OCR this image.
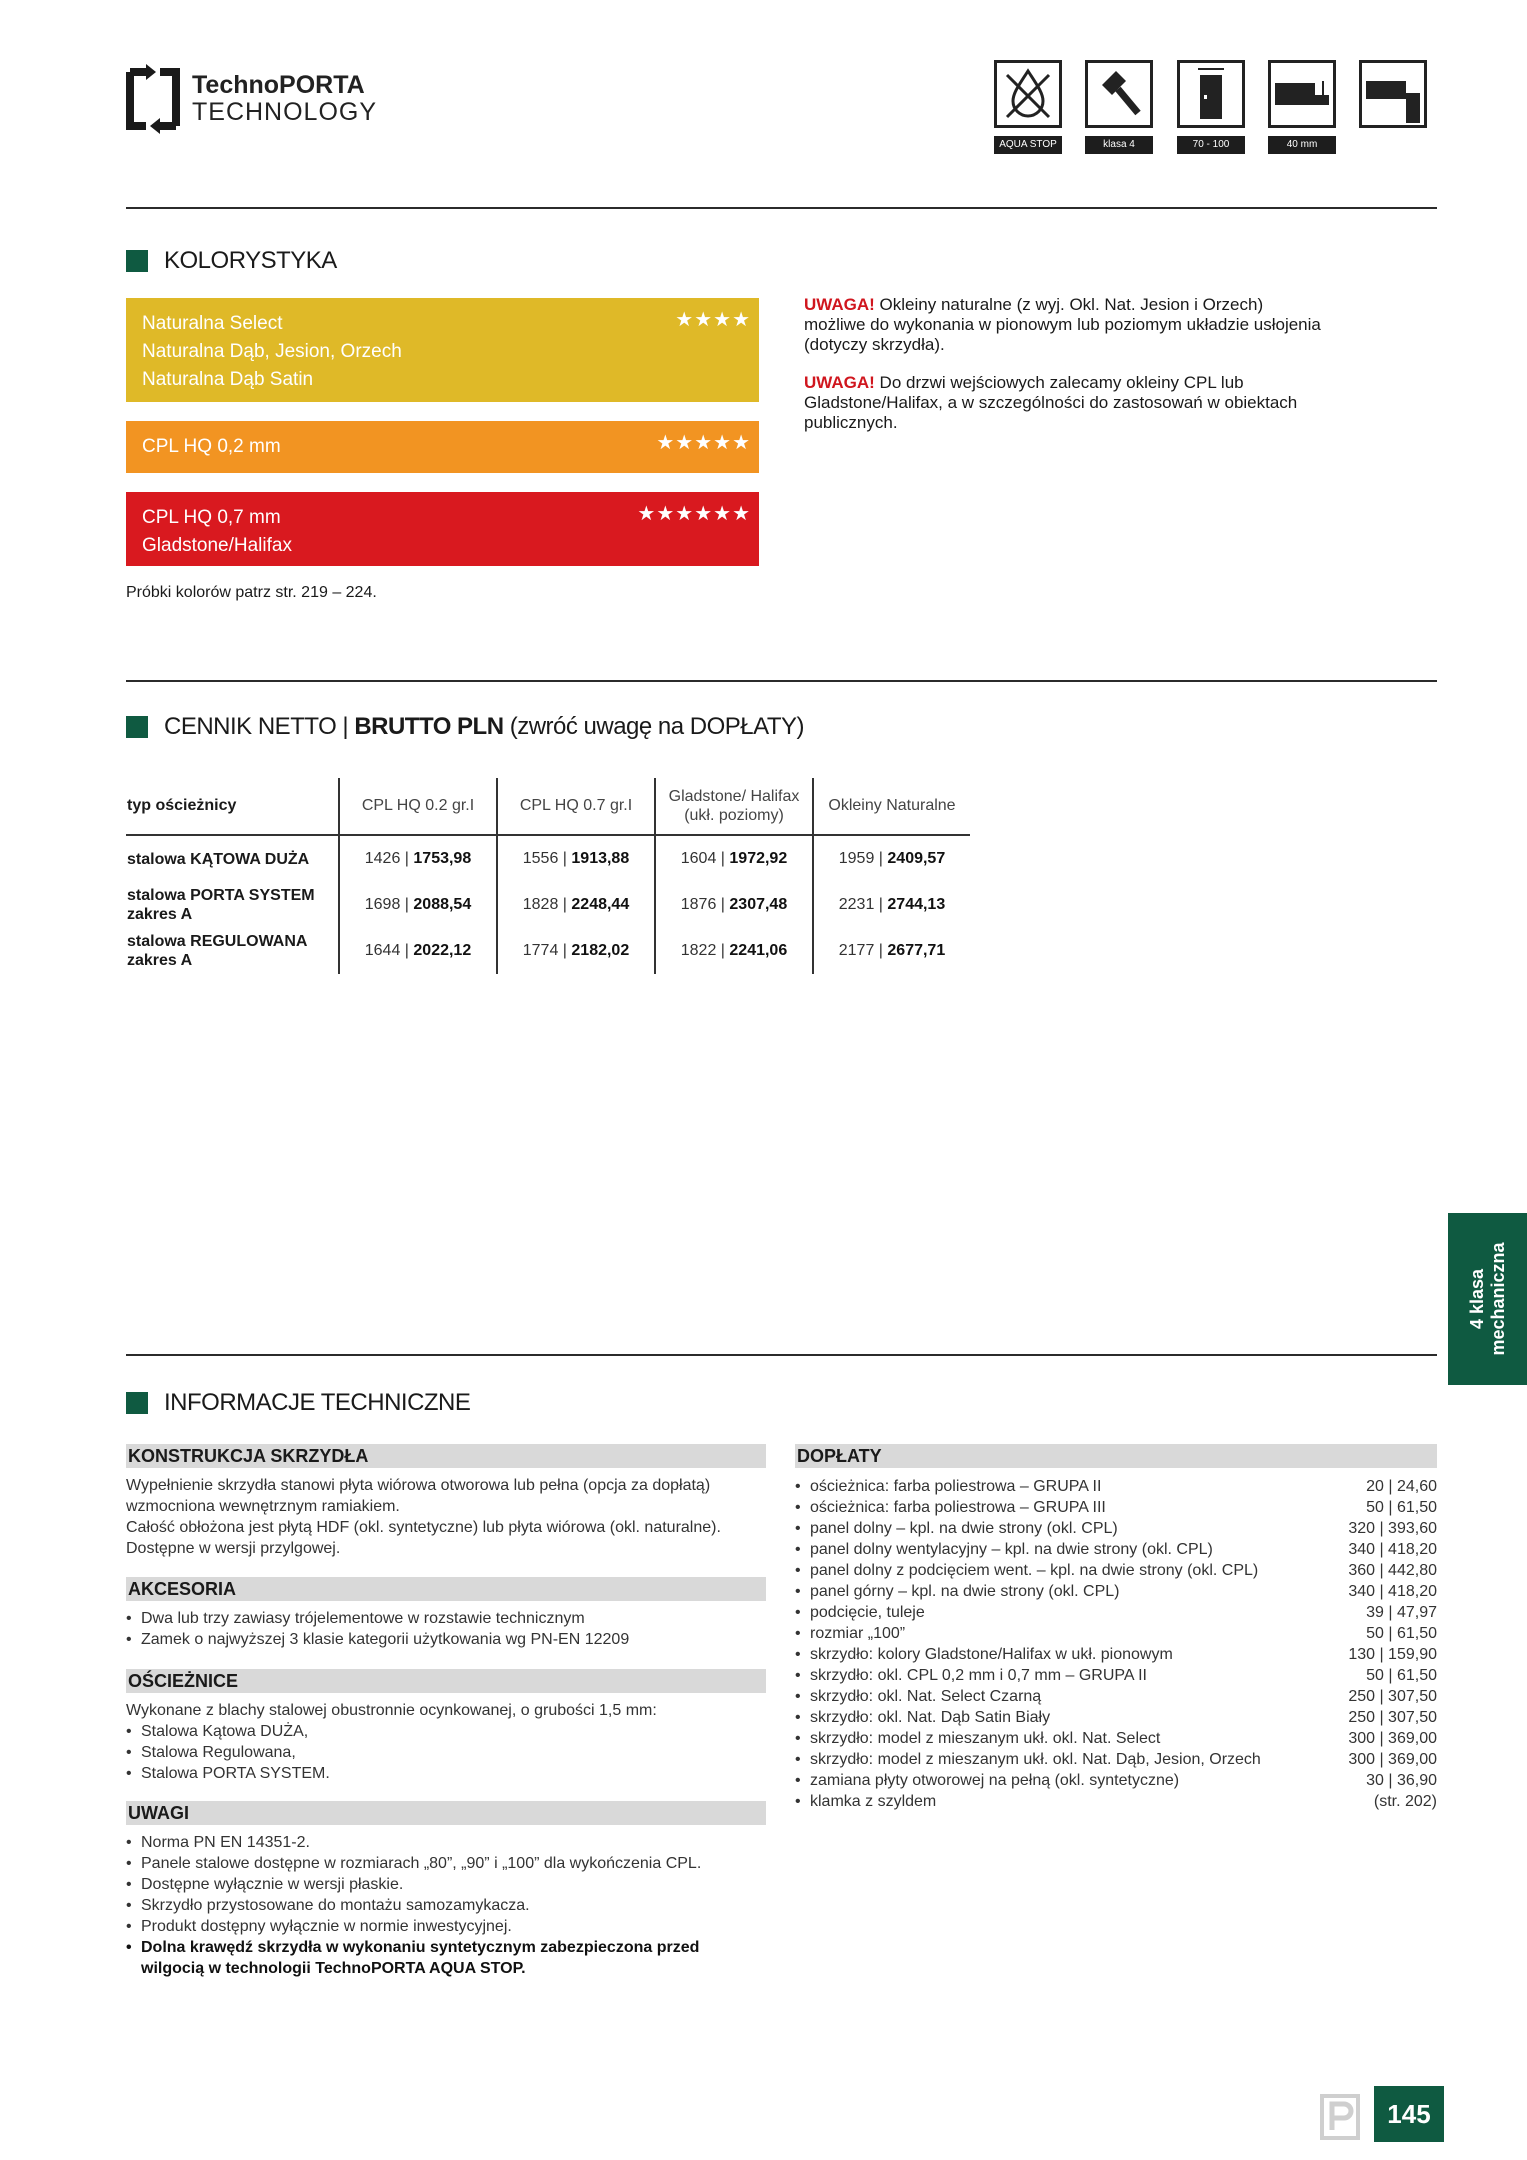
TechnoPORTA
TECHNOLOGY
AQUA STOP	klasa 4	70 - 100	40 mm
KOLORYSTYKA
Naturalna Select
Naturalna Dąb, Jesion, Orzech
Naturalna Dąb Satin
★★★★
CPL HQ 0,2 mm	★★★★★
CPL HQ 0,7 mm
Gladstone/Halifax
★★★★★★
Próbki kolorów patrz str. 219 – 224.
UWAGA! Okleiny naturalne (z wyj. Okl. Nat. Jesion i Orzech) możliwe do wykonania w pionowym lub poziomym układzie usłojenia (dotyczy skrzydła).
UWAGA! Do drzwi wejściowych zalecamy okleiny CPL lub Gladstone/Halifax, a w szczególności do zastosowań w obiektach publicznych.
CENNIK NETTO | BRUTTO PLN (zwróć uwagę na DOPŁATY)
typ ościeżnicy	CPL HQ 0.2 gr.I	CPL HQ 0.7 gr.I	Gladstone/ Halifax (ukł. poziomy)	Okleiny Naturalne
stalowa KĄTOWA DUŻA	1426 | 1753,98	1556 | 1913,88	1604 | 1972,92	1959 | 2409,57
stalowa PORTA SYSTEM zakres A	1698 | 2088,54	1828 | 2248,44	1876 | 2307,48	2231 | 2744,13
stalowa REGULOWANA zakres A	1644 | 2022,12	1774 | 2182,02	1822 | 2241,06	2177 | 2677,71
4 klasa mechaniczna
INFORMACJE TECHNICZNE
KONSTRUKCJA SKRZYDŁA
Wypełnienie skrzydła stanowi płyta wiórowa otworowa lub pełna (opcja za dopłatą) wzmocniona wewnętrznym ramiakiem.
Całość obłożona jest płytą HDF (okl. syntetyczne) lub płyta wiórowa (okl. naturalne).
Dostępne w wersji przylgowej.
AKCESORIA
• Dwa lub trzy zawiasy trójelementowe w rozstawie technicznym
• Zamek o najwyższej 3 klasie kategorii użytkowania wg PN-EN 12209
OŚCIEŻNICE
Wykonane z blachy stalowej obustronnie ocynkowanej, o grubości 1,5 mm:
• Stalowa Kątowa DUŻA,
• Stalowa Regulowana,
• Stalowa PORTA SYSTEM.
UWAGI
• Norma PN EN 14351-2.
• Panele stalowe dostępne w rozmiarach „80”, „90” i „100” dla wykończenia CPL.
• Dostępne wyłącznie w wersji płaskie.
• Skrzydło przystosowane do montażu samozamykacza.
• Produkt dostępny wyłącznie w normie inwestycyjnej.
• Dolna krawędź skrzydła w wykonaniu syntetycznym zabezpieczona przed wilgocią w technologii TechnoPORTA AQUA STOP.
DOPŁATY
• ościeżnica: farba poliestrowa – GRUPA II	20 | 24,60
• ościeżnica: farba poliestrowa – GRUPA III	50 | 61,50
• panel dolny – kpl. na dwie strony (okl. CPL)	320 | 393,60
• panel dolny wentylacyjny – kpl. na dwie strony (okl. CPL)	340 | 418,20
• panel dolny z podcięciem went. – kpl. na dwie strony (okl. CPL)	360 | 442,80
• panel górny – kpl. na dwie strony (okl. CPL)	340 | 418,20
• podcięcie, tuleje	39 | 47,97
• rozmiar „100”	50 | 61,50
• skrzydło: kolory Gladstone/Halifax w ukł. pionowym	130 | 159,90
• skrzydło: okl. CPL 0,2 mm i 0,7 mm – GRUPA II	50 | 61,50
• skrzydło: okl. Nat. Select Czarną	250 | 307,50
• skrzydło: okl. Nat. Dąb Satin Biały	250 | 307,50
• skrzydło: model z mieszanym ukł. okl. Nat. Select	300 | 369,00
• skrzydło: model z mieszanym ukł. okl. Nat. Dąb, Jesion, Orzech	300 | 369,00
• zamiana płyty otworowej na pełną (okl. syntetyczne)	30 | 36,90
• klamka z szyldem	(str. 202)
145
